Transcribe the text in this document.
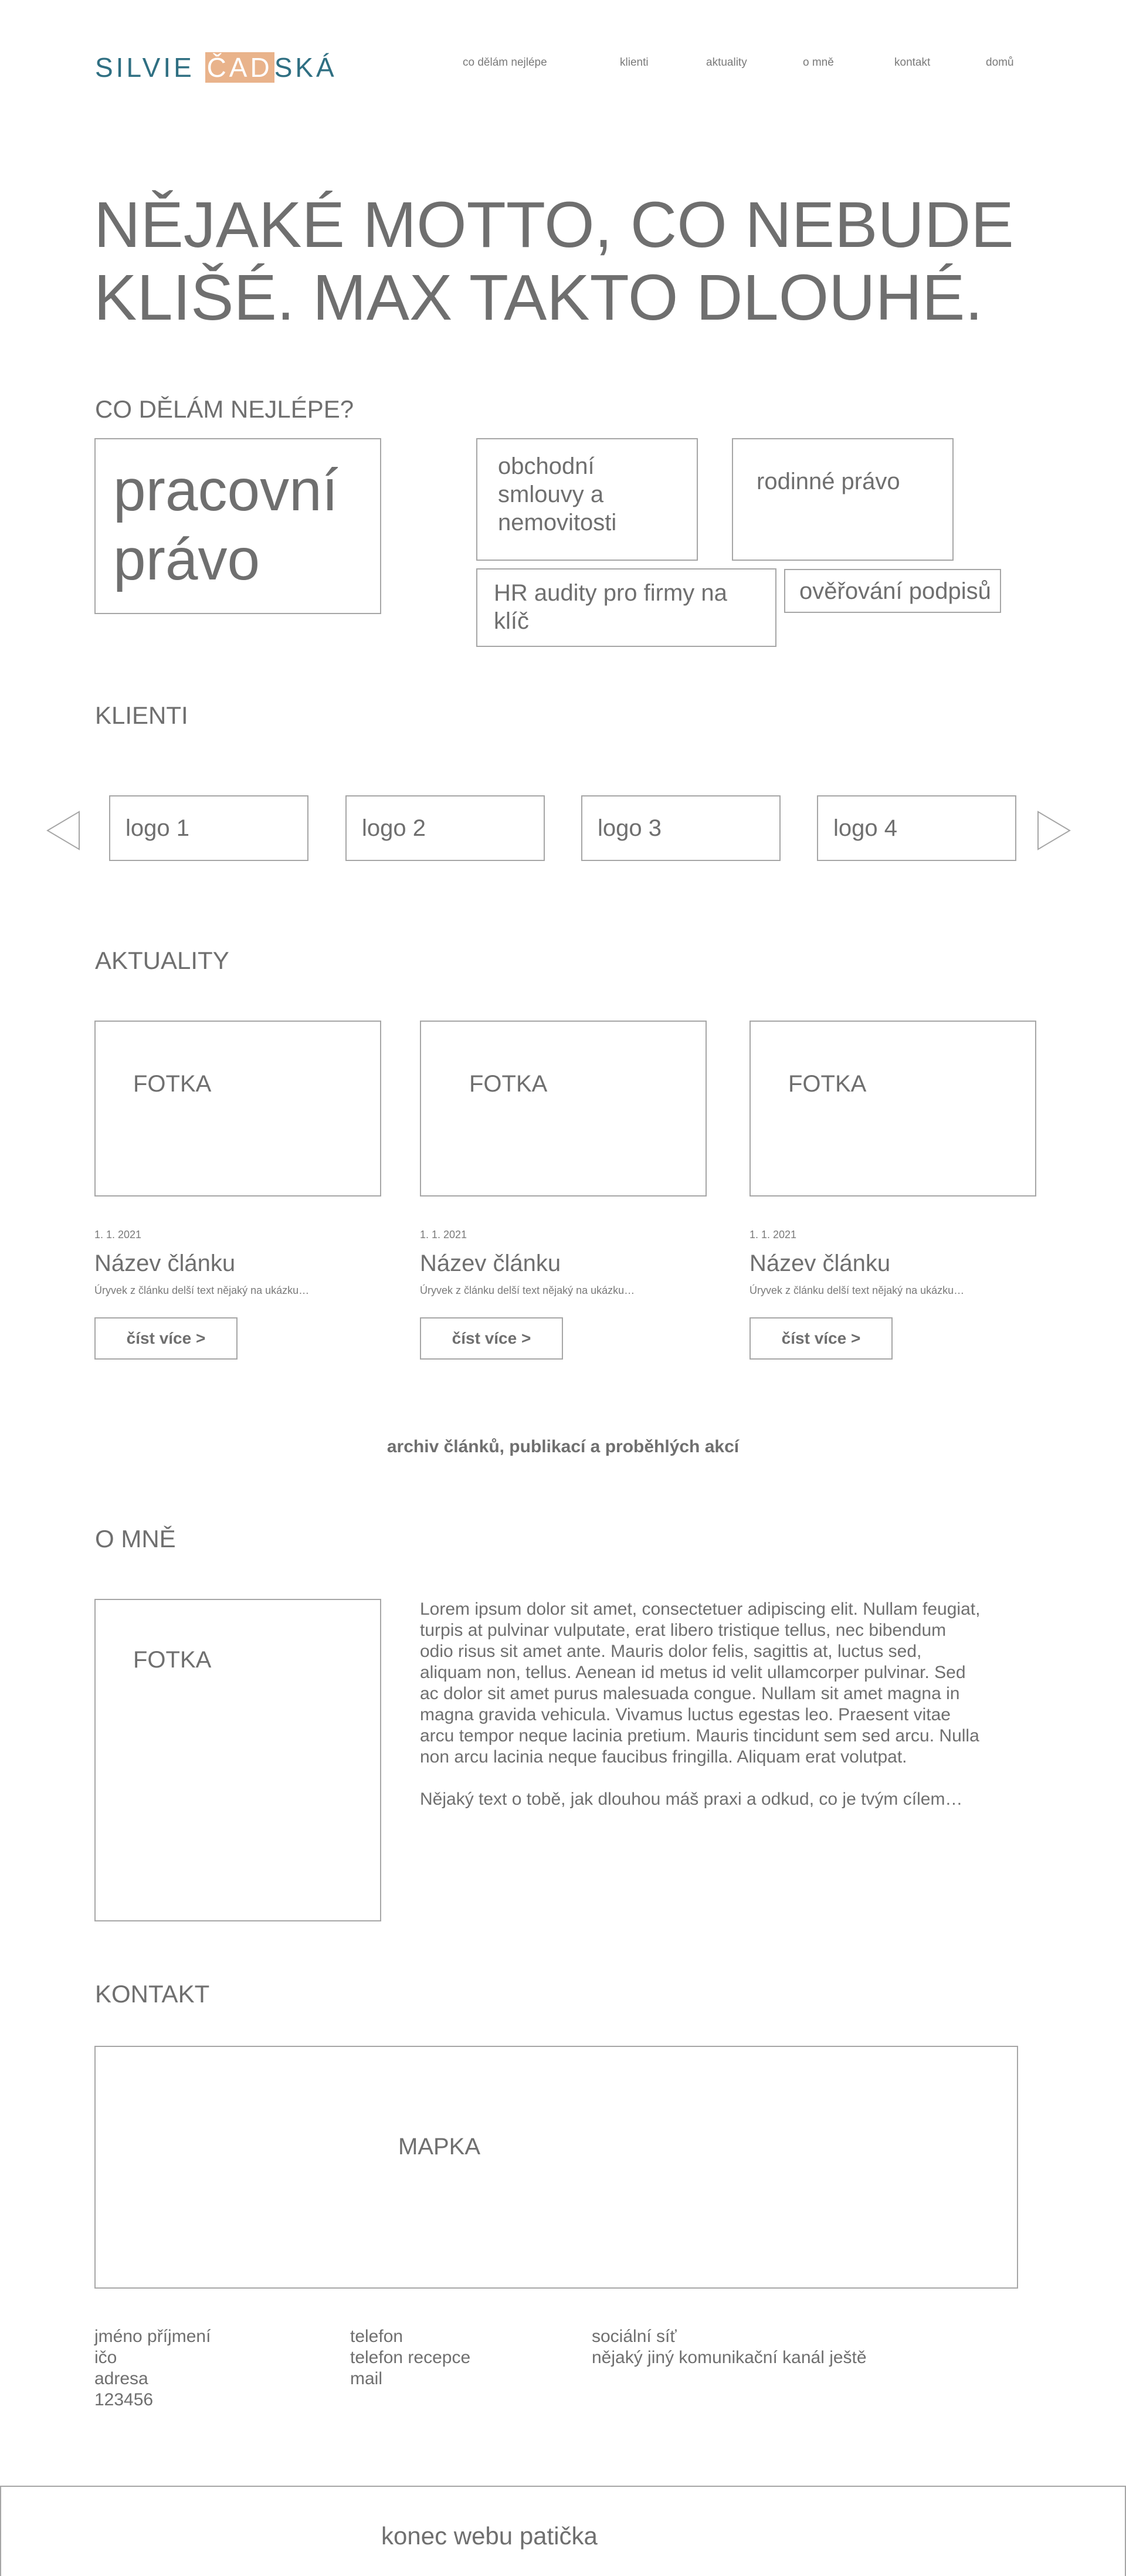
SILVIE ČADSKÁ	co dělám nejlépe	klienti	aktuality	o mně	kontakt	domů
NĚJAKÉ MOTTO, CO NEBUDE KLIŠÉ. MAX TAKTO DLOUHÉ.
CO DĚLÁM NEJLÉPE?
pracovní právo
obchodní smlouvy a nemovitosti
rodinné právo
HR audity pro firmy na klíč
ověřování podpisů
KLIENTI
logo 1	logo 2	logo 3	logo 4
AKTUALITY
FOTKA
1. 1. 2021
Název článku
Úryvek z článku delší text nějaký na ukázku…
číst více >
FOTKA
1. 1. 2021
Název článku
Úryvek z článku delší text nějaký na ukázku…
číst více >
FOTKA
1. 1. 2021
Název článku
Úryvek z článku delší text nějaký na ukázku…
číst více >
archiv článků, publikací a proběhlých akcí
O MNĚ
FOTKA

Lorem ipsum dolor sit amet, consectetuer adipiscing elit. Nullam feugiat, turpis at pulvinar vulputate, erat libero tristique tellus, nec bibendum odio risus sit amet ante. Mauris dolor felis, sagittis at, luctus sed, aliquam non, tellus. Aenean id metus id velit ullamcorper pulvinar. Sed ac dolor sit amet purus malesuada congue. Nullam sit amet magna in magna gravida vehicula. Vivamus luctus egestas leo. Praesent vitae arcu tempor neque lacinia pretium. Mauris tincidunt sem sed arcu. Nulla non arcu lacinia neque faucibus fringilla. Aliquam erat volutpat.

Nějaký text o tobě, jak dlouhou máš praxi a odkud, co je tvým cílem…

KONTAKT
MAPKA
jméno příjmení
ičo
adresa
123456
telefon
telefon recepce
mail
sociální síť
nějaký jiný komunikační kanál ještě
konec webu patička
